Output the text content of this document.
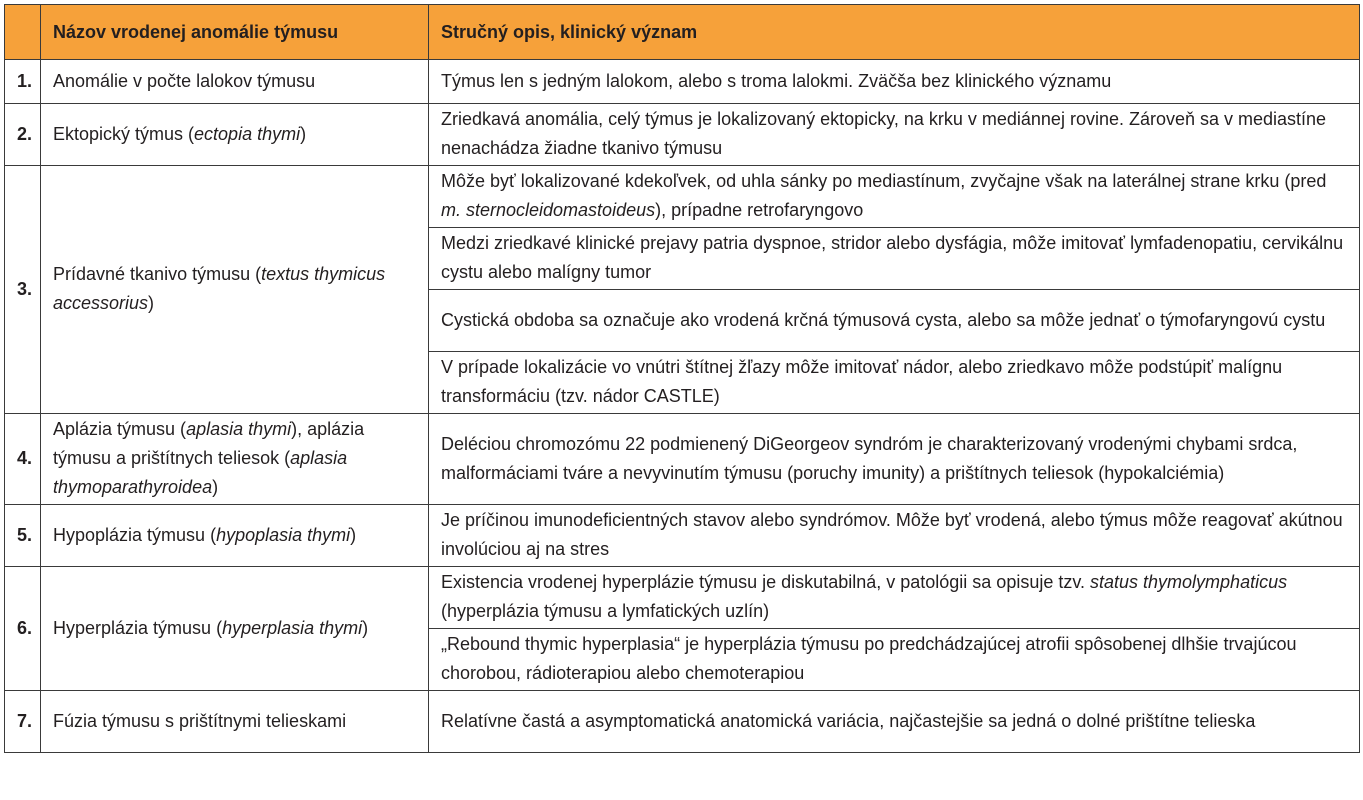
	Názov vrodenej anomálie týmusu	Stručný opis, klinický význam
1.	Anomálie v počte lalokov týmusu	Týmus len s jedným lalokom, alebo s troma lalokmi. Zväčša bez klinického významu
2.	Ektopický týmus (ectopia thymi)	Zriedkavá anomália, celý týmus je lokalizovaný ektopicky, na krku v mediánnej rovine. Zároveň sa v mediastíne nenachádza žiadne tkanivo týmusu
3.	Prídavné tkanivo týmusu (textus thymicus accessorius)	Môže byť lokalizované kdekoľvek, od uhla sánky po mediastínum, zvyčajne však na laterálnej strane krku (pred m. sternocleidomastoideus), prípadne retrofaryngovo
		Medzi zriedkavé klinické prejavy patria dyspnoe, stridor alebo dysfágia, môže imitovať lymfadenopatiu, cervikálnu cystu alebo malígny tumor
		Cystická obdoba sa označuje ako vrodená krčná týmusová cysta, alebo sa môže jednať o týmofaryngovú cystu
		V prípade lokalizácie vo vnútri štítnej žľazy môže imitovať nádor, alebo zriedkavo môže podstúpiť malígnu transformáciu (tzv. nádor CASTLE)
4.	Aplázia týmusu (aplasia thymi), aplázia týmusu a prištítnych teliesok (aplasia thymoparathyroidea)	Deléciou chromozómu 22 podmienený DiGeorgeov syndróm je charakterizovaný vrodenými chybami srdca, malformáciami tváre a nevyvinutím týmusu (poruchy imunity) a prištítnych teliesok (hypokalciémia)
5.	Hypoplázia týmusu (hypoplasia thymi)	Je príčinou imunodeficientných stavov alebo syndrómov. Môže byť vrodená, alebo týmus môže reagovať akútnou involúciou aj na stres
6.	Hyperplázia týmusu (hyperplasia thymi)	Existencia vrodenej hyperplázie týmusu je diskutabilná, v patológii sa opisuje tzv. status thymolymphaticus (hyperplázia týmusu a lymfatických uzlín)
		„Rebound thymic hyperplasia“ je hyperplázia týmusu po predchádzajúcej atrofii spôsobenej dlhšie trvajúcou chorobou, rádioterapiou alebo chemoterapiou
7.	Fúzia týmusu s prištítnymi telieskami	Relatívne častá a asymptomatická anatomická variácia, najčastejšie sa jedná o dolné prištítne telieska
